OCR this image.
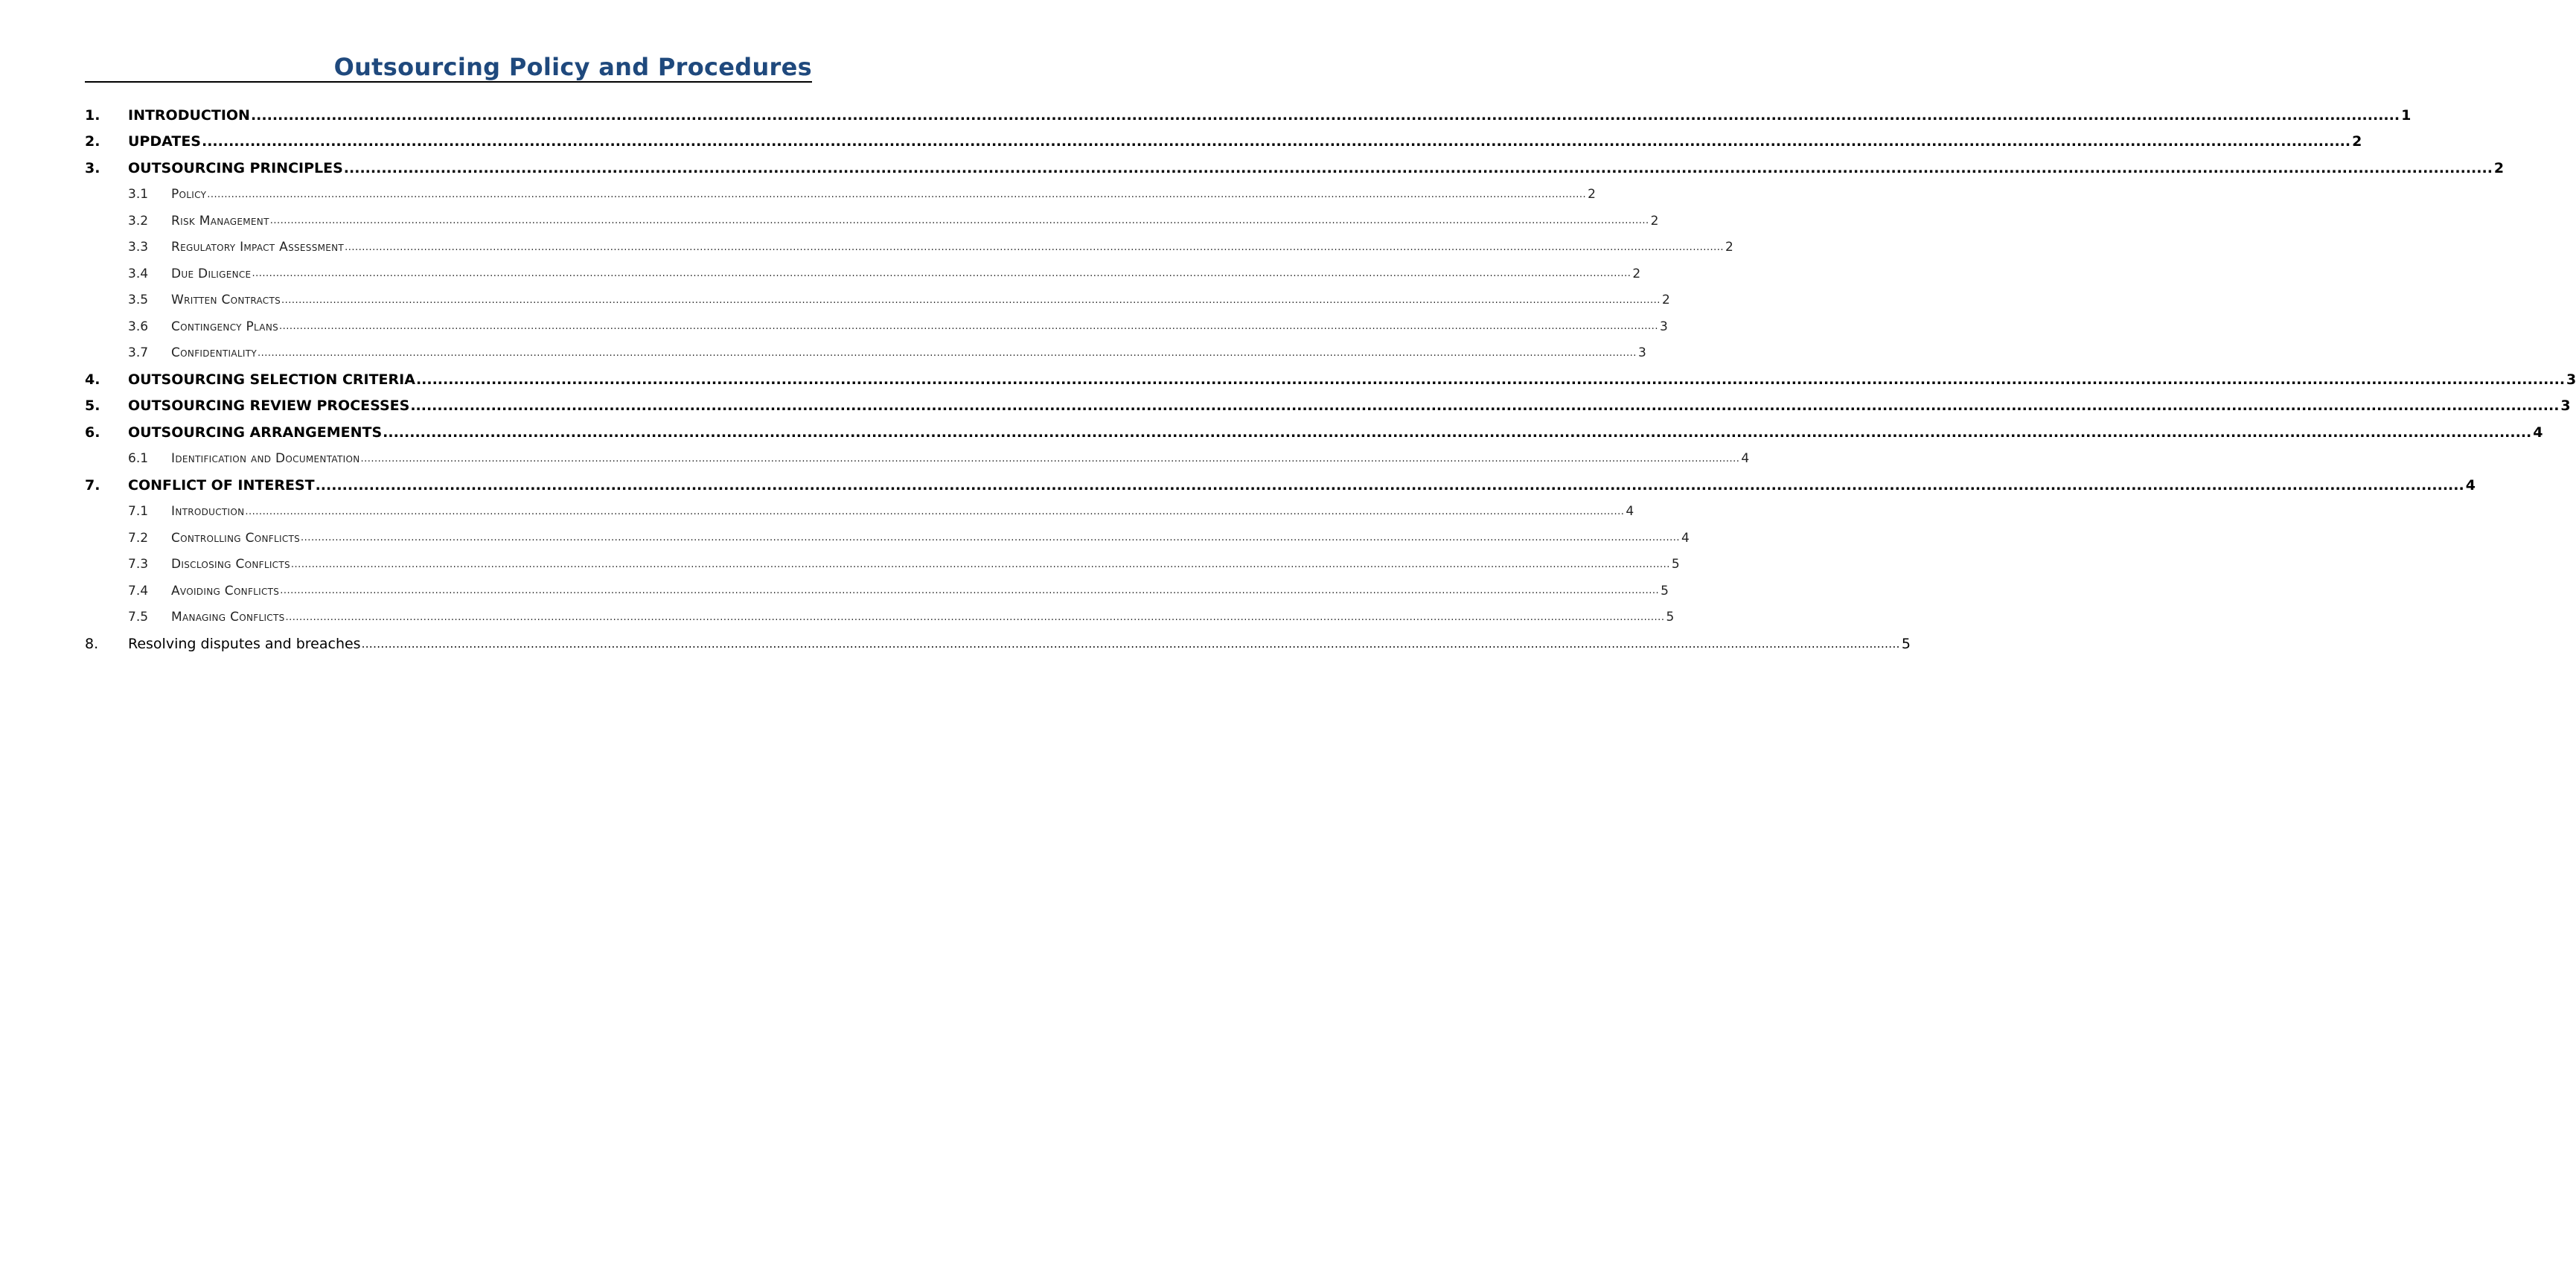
Outsourcing Policy and Procedures
1.	INTRODUCTION ................................................................................................................................................................................................................................................................................................................................................................................................................ 1
2.	UPDATES ................................................................................................................................................................................................................................................................................................................................................................................................................ 2
3.	OUTSOURCING PRINCIPLES ................................................................................................................................................................................................................................................................................................................................................................................................................ 2
3.1	Policy ................................................................................................................................................................................................................................................................................................................................................................................................................ 2
3.2	Risk Management ................................................................................................................................................................................................................................................................................................................................................................................................................ 2
3.3	Regulatory Impact Assessment ................................................................................................................................................................................................................................................................................................................................................................................................................ 2
3.4	Due Diligence ................................................................................................................................................................................................................................................................................................................................................................................................................ 2
3.5	Written Contracts ................................................................................................................................................................................................................................................................................................................................................................................................................ 2
3.6	Contingency Plans ................................................................................................................................................................................................................................................................................................................................................................................................................ 3
3.7	Confidentiality ................................................................................................................................................................................................................................................................................................................................................................................................................ 3
4.	OUTSOURCING SELECTION CRITERIA ................................................................................................................................................................................................................................................................................................................................................................................................................ 3
5.	OUTSOURCING REVIEW PROCESSES ................................................................................................................................................................................................................................................................................................................................................................................................................ 3
6.	OUTSOURCING ARRANGEMENTS ................................................................................................................................................................................................................................................................................................................................................................................................................ 4
6.1	Identification and Documentation ................................................................................................................................................................................................................................................................................................................................................................................................................ 4
7.	CONFLICT OF INTEREST ................................................................................................................................................................................................................................................................................................................................................................................................................ 4
7.1	Introduction ................................................................................................................................................................................................................................................................................................................................................................................................................ 4
7.2	Controlling Conflicts ................................................................................................................................................................................................................................................................................................................................................................................................................ 4
7.3	Disclosing Conflicts ................................................................................................................................................................................................................................................................................................................................................................................................................ 5
7.4	Avoiding Conflicts ................................................................................................................................................................................................................................................................................................................................................................................................................ 5
7.5	Managing Conflicts ................................................................................................................................................................................................................................................................................................................................................................................................................ 5
8.	Resolving disputes and breaches ................................................................................................................................................................................................................................................................................................................................................................................................................ 5
